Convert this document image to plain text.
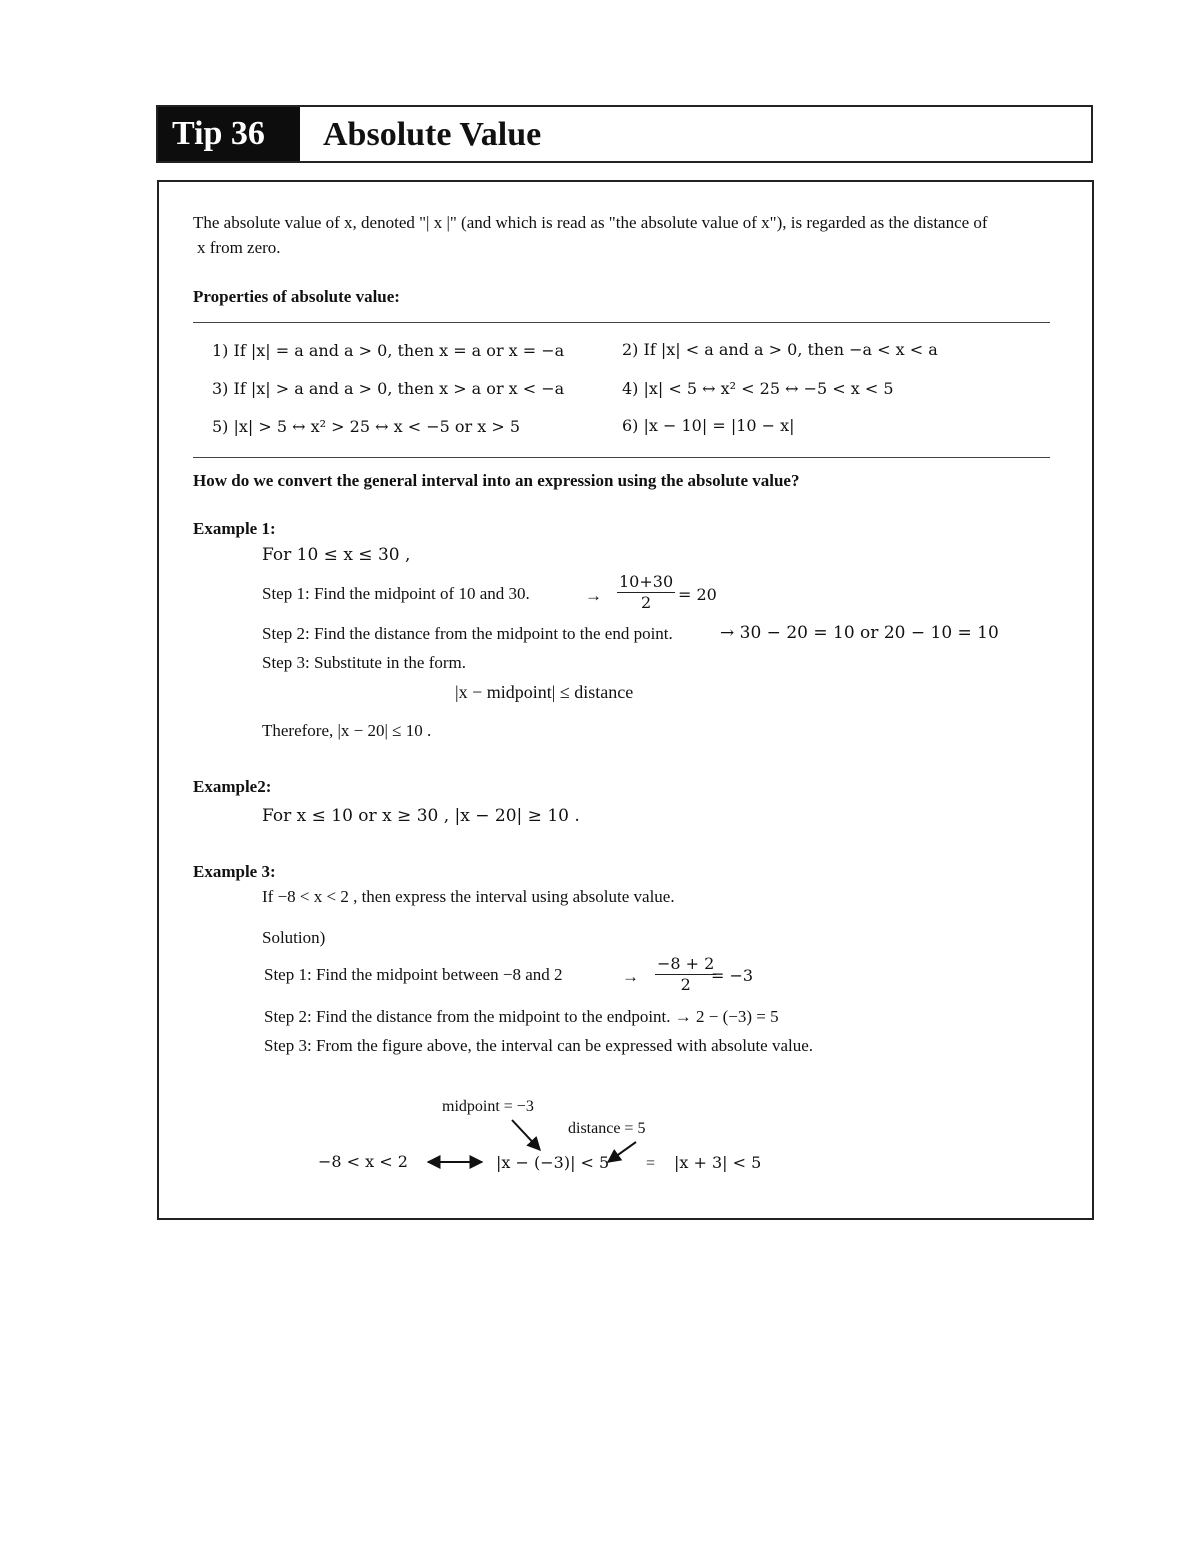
Tip 36	Absolute Value
The absolute value of x, denoted "| x |" (and which is read as "the absolute value of x"), is regarded as the distance of
x from zero.
Properties of absolute value:
1) If |x| = a and a > 0, then x = a or x = −a	2) If |x| < a and a > 0, then −a < x < a
3) If |x| > a and a > 0, then x > a or x < −a	4) |x| < 5 ↔ x² < 25 ↔ −5 < x < 5
5) |x| > 5 ↔ x² > 25 ↔ x < −5 or x > 5	6) |x − 10| = |10 − x|
How do we convert the general interval into an expression using the absolute value?
Example 1:
For 10 ≤ x ≤ 30 ,
Step 1: Find the midpoint of 10 and 30.	→ $\frac{10+30}{2} = 20$
Step 2: Find the distance from the midpoint to the end point.	→ 30 − 20 = 10 or 20 − 10 = 10
Step 3: Substitute in the form.
|x − midpoint| ≤ distance
Therefore, |x − 20| ≤ 10 .
Example2:
For x ≤ 10 or x ≥ 30 , |x − 20| ≥ 10 .
Example 3:
If −8 < x < 2 , then express the interval using absolute value.
Solution)
Step 1: Find the midpoint between −8 and 2	→ $\frac{-8 + 2}{2}$
= −3
Step 2: Find the distance from the midpoint to the endpoint. → 2 − (−3) = 5
Step 3: From the figure above, the interval can be expressed with absolute value.
midpoint = −3
distance = 5
−8 < x < 2	|x − (−3)| < 5 = |x + 3| < 5
